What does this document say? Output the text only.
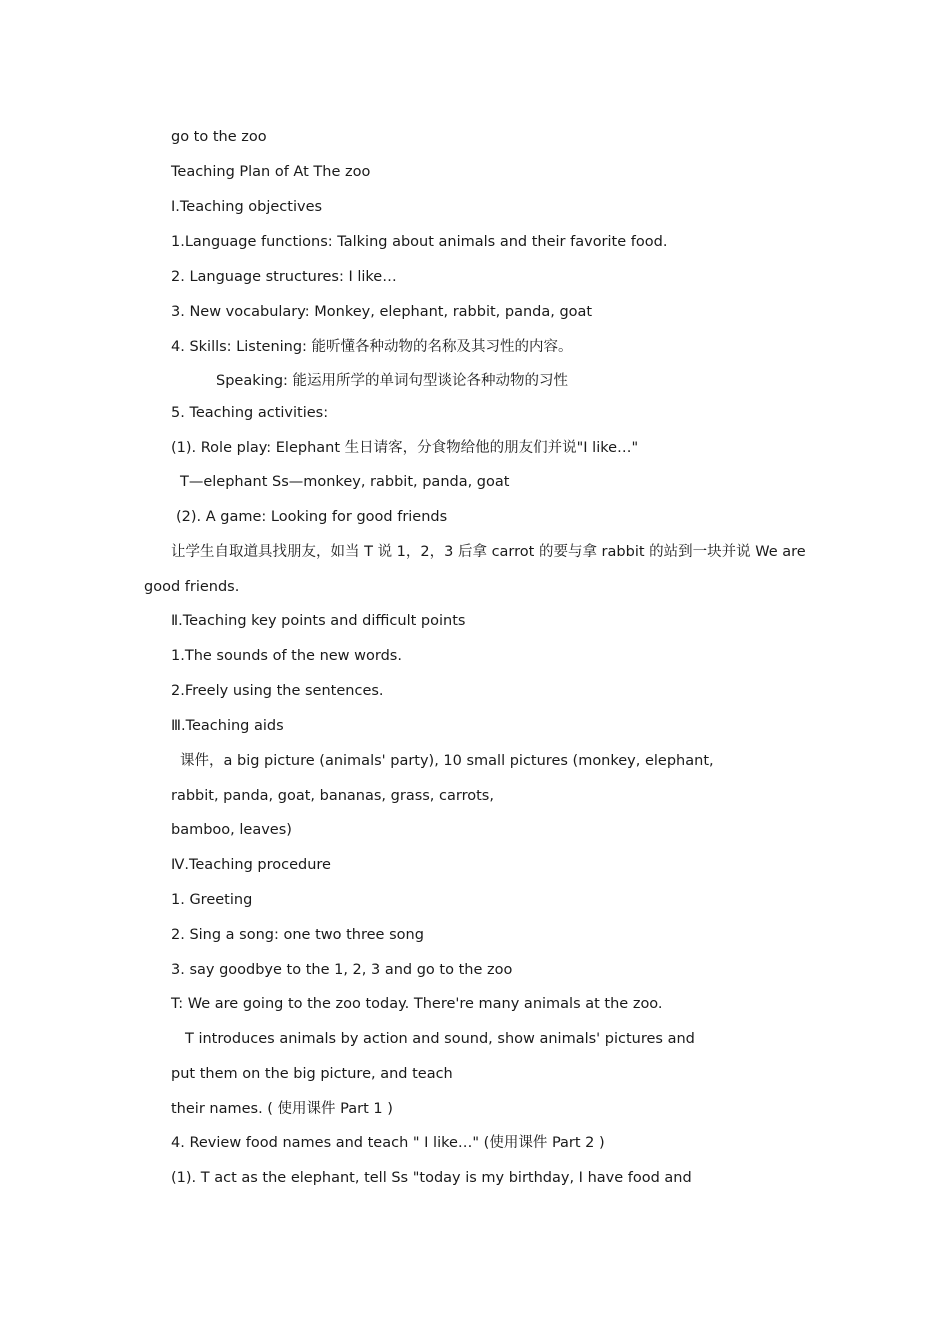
go to the zoo
Teaching Plan of At The zoo
Ⅰ.Teaching objectives
1.Language functions: Talking about animals and their favorite food.
2. Language structures: I like…
3. New vocabulary: Monkey, elephant, rabbit, panda, goat
4. Skills: Listening: 能听懂各种动物的名称及其习性的内容。
Speaking: 能运用所学的单词句型谈论各种动物的习性
5. Teaching activities:
(1). Role play: Elephant 生日请客，分食物给他的朋友们并说"I like…"
T—elephant Ss—monkey, rabbit, panda, goat
(2). A game: Looking for good friends
让学生自取道具找朋友，如当 T 说 1，2，3 后拿 carrot 的要与拿 rabbit 的站到一块并说 We are
good friends.
Ⅱ.Teaching key points and difficult points
1.The sounds of the new words.
2.Freely using the sentences.
Ⅲ.Teaching aids
课件，a big picture (animals' party), 10 small pictures (monkey, elephant,
rabbit, panda, goat, bananas, grass, carrots,
bamboo, leaves)
Ⅳ.Teaching procedure
1. Greeting
2. Sing a song: one two three song
3. say goodbye to the 1, 2, 3 and go to the zoo
T: We are going to the zoo today. There're many animals at the zoo.
T introduces animals by action and sound, show animals' pictures and
put them on the big picture, and teach
their names. ( 使用课件 Part 1 )
4. Review food names and teach " I like…" (使用课件 Part 2 )
(1). T act as the elephant, tell Ss "today is my birthday, I have food and
